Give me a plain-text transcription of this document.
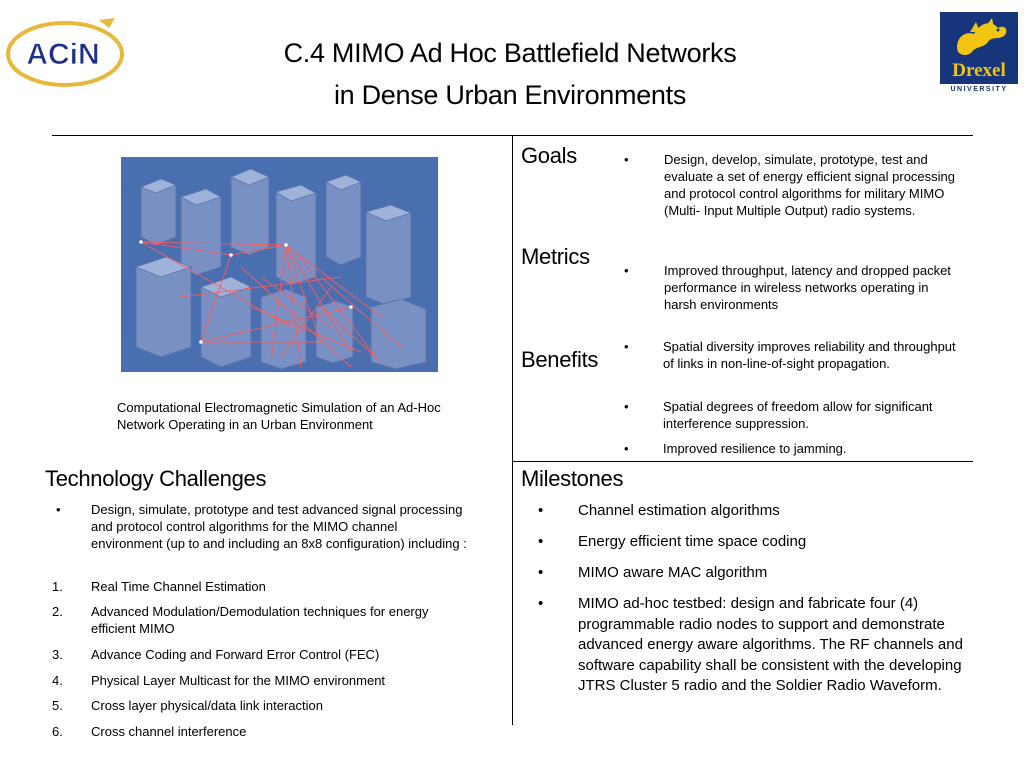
C.4 MIMO Ad Hoc Battlefield Networks
in Dense Urban Environments
ACiN	Drexel
UNIVERSITY
Computational Electromagnetic Simulation of an Ad-Hoc Network Operating in an Urban Environment
Goals
Metrics
Benefits
•	Design, develop, simulate, prototype, test and evaluate a set of energy efficient signal processing and protocol control algorithms for military MIMO (Multi- Input Multiple Output) radio systems.
•	Improved throughput, latency and dropped packet performance in wireless networks operating in harsh environments
•	Spatial diversity improves reliability and throughput of links in non-line-of-sight propagation.
•	Spatial degrees of freedom allow for significant interference suppression.
•	Improved resilience to jamming.
Technology Challenges
• Design, simulate, prototype and test advanced signal processing and protocol control algorithms for the MIMO channel environment (up to and including an 8x8 configuration) including :
1. Real Time Channel Estimation
2. Advanced Modulation/Demodulation techniques for energy efficient MIMO
3. Advance Coding and Forward Error Control (FEC)
4. Physical Layer Multicast for the MIMO environment
5. Cross layer physical/data link interaction
6. Cross channel interference
Milestones
• Channel estimation algorithms
• Energy efficient time space coding
• MIMO aware MAC algorithm
• MIMO ad-hoc testbed: design and fabricate four (4) programmable radio nodes to support and demonstrate advanced energy aware algorithms. The RF channels and software capability shall be consistent with the developing JTRS Cluster 5 radio and the Soldier Radio Waveform.
